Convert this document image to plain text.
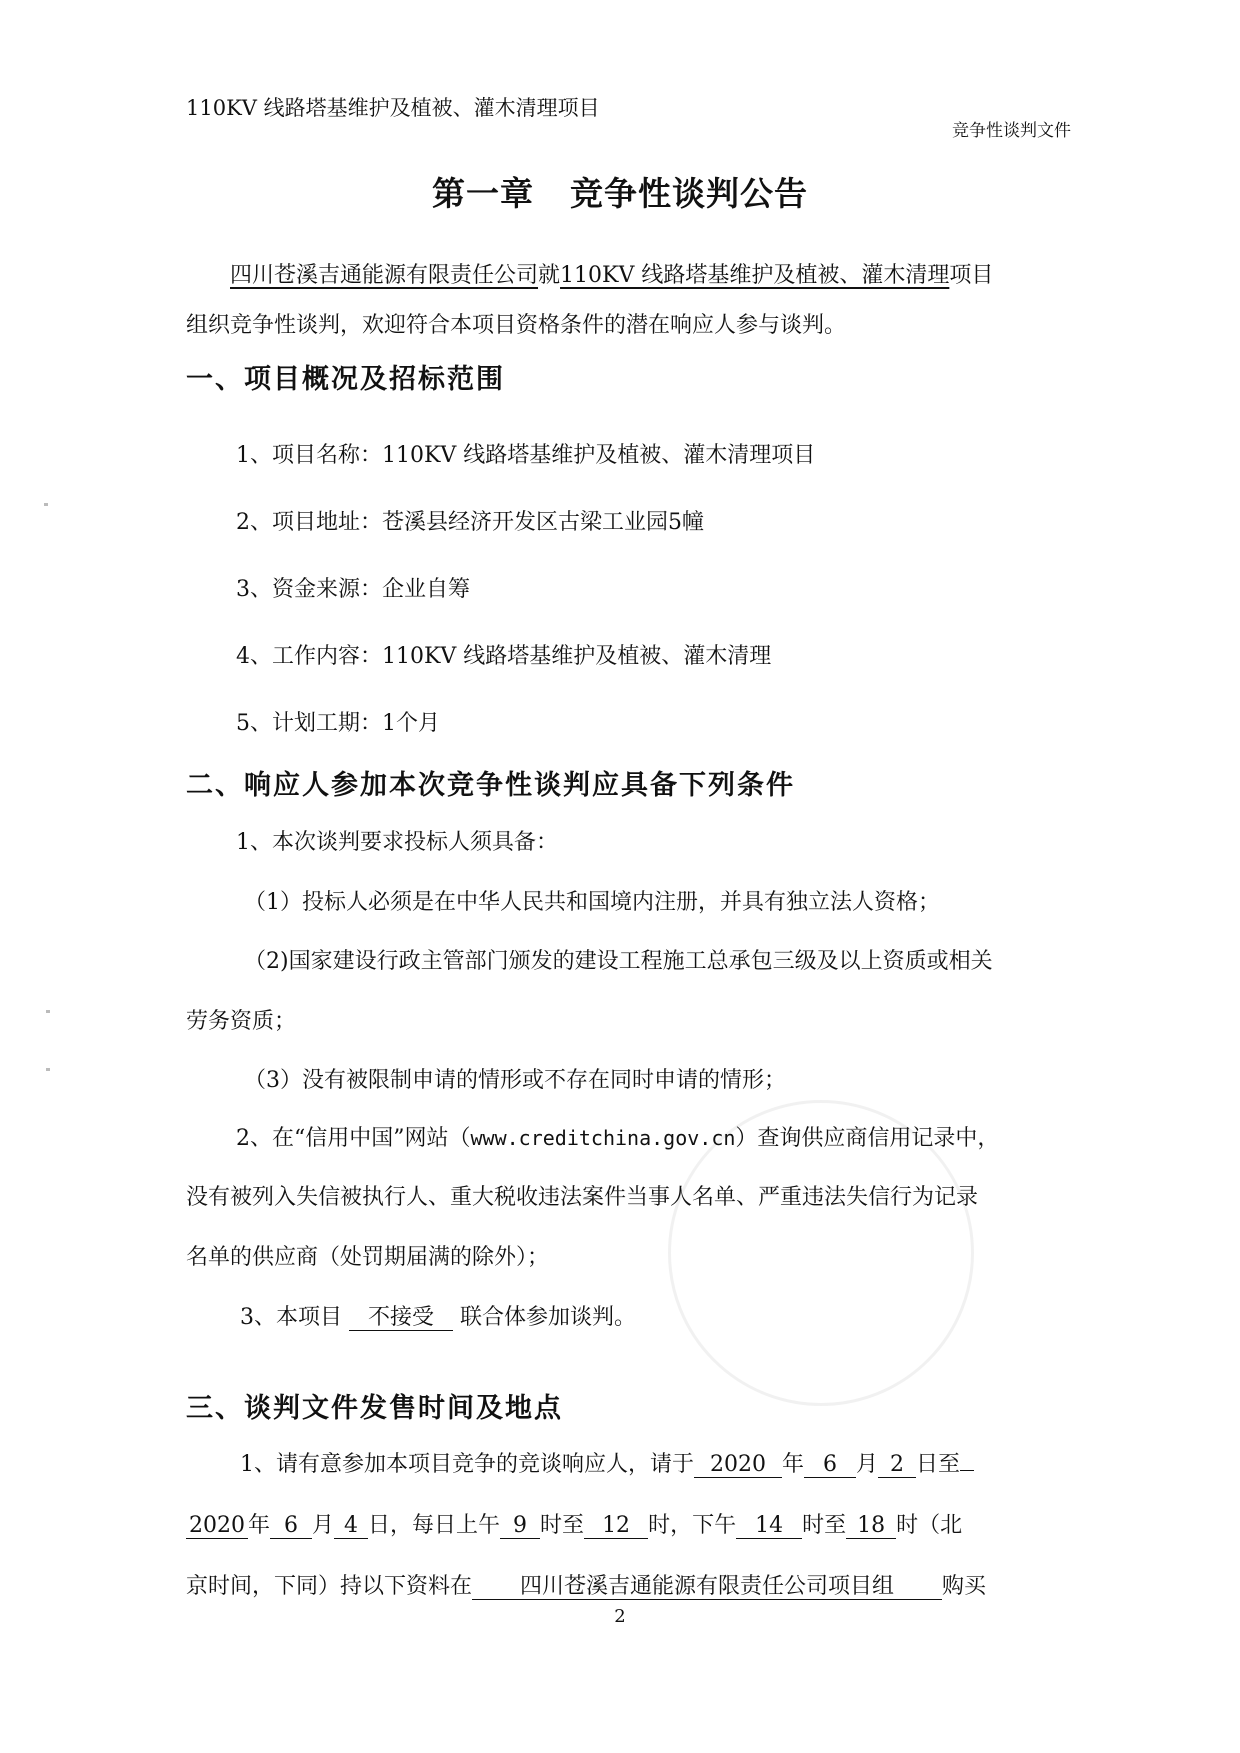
110KV 线路塔基维护及植被、灌木清理项目
竞争性谈判文件
第一章 竞争性谈判公告
四川苍溪吉通能源有限责任公司就110KV 线路塔基维护及植被、灌木清理项目
组织竞争性谈判，欢迎符合本项目资格条件的潜在响应人参与谈判。
一、项目概况及招标范围
1、项目名称：110KV 线路塔基维护及植被、灌木清理项目
2、项目地址：苍溪县经济开发区古梁工业园5幢
3、资金来源：企业自筹
4、工作内容：110KV 线路塔基维护及植被、灌木清理
5、计划工期：1个月
二、响应人参加本次竞争性谈判应具备下列条件
1、本次谈判要求投标人须具备：
（1）投标人必须是在中华人民共和国境内注册，并具有独立法人资格；
（2)国家建设行政主管部门颁发的建设工程施工总承包三级及以上资质或相关
劳务资质；
（3）没有被限制申请的情形或不存在同时申请的情形；
2、在“信用中国”网站（www.creditchina.gov.cn）查询供应商信用记录中，
没有被列入失信被执行人、重大税收违法案件当事人名单、严重违法失信行为记录
名单的供应商（处罚期届满的除外）；
3、本项目 不接受 联合体参加谈判。
三、谈判文件发售时间及地点
1、请有意参加本项目竞争的竞谈响应人，请于 2020 年 6 月 2 日至
2020 年 6 月 4 日，每日上午 9 时至 12 时，下午 14 时至 18 时（北
京时间，下同）持以下资料在 四川苍溪吉通能源有限责任公司项目组 购买
2
